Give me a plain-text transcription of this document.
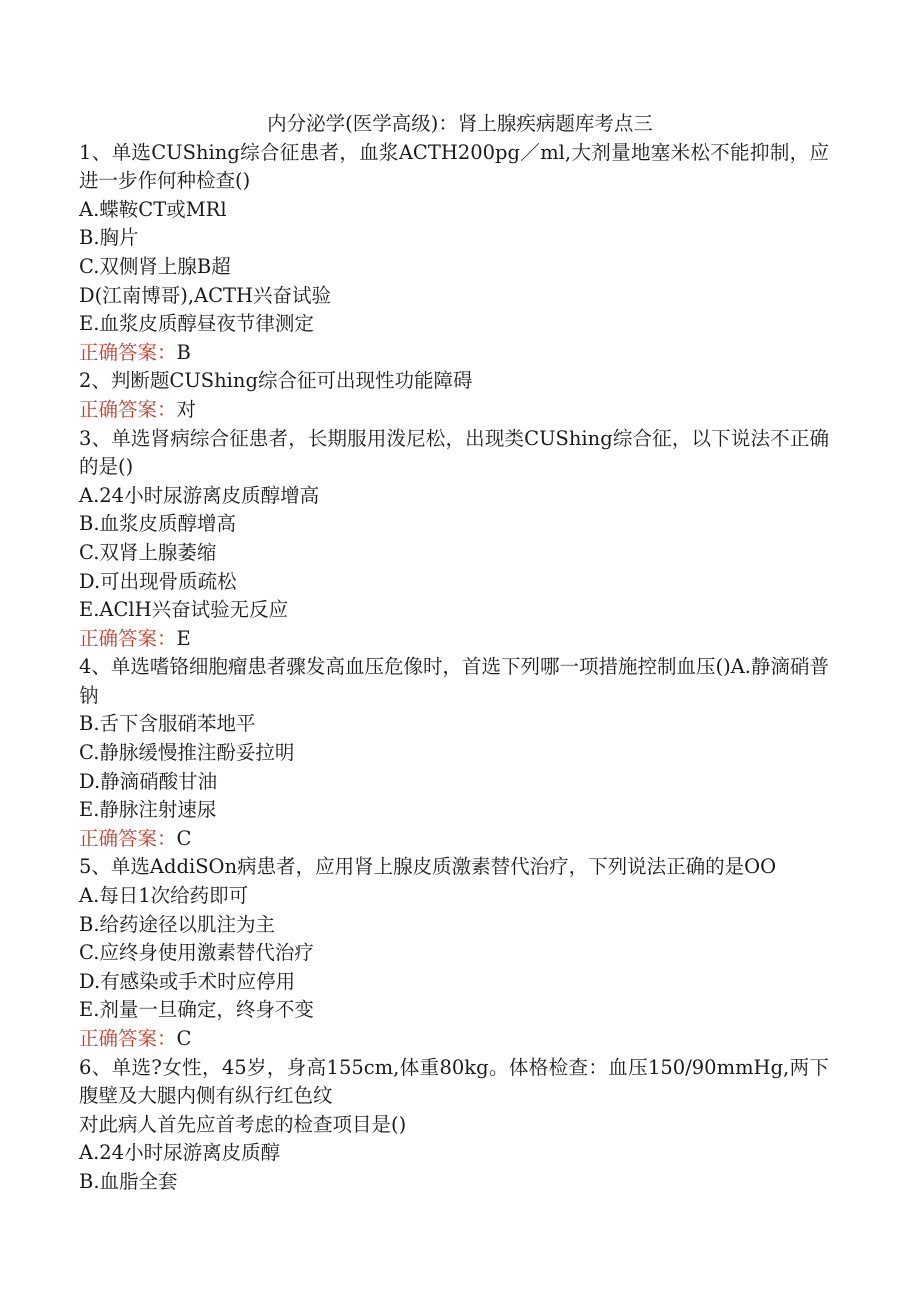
内分泌学(医学高级)：肾上腺疾病题库考点三

1、单选CUShing综合征患者，血浆ACTH200pg／ml,大剂量地塞米松不能抑制，应进一步作何种检查()

A.蝶鞍CT或MRl

B.胸片

C.双侧肾上腺B超

D(江南博哥),ACTH兴奋试验

E.血浆皮质醇昼夜节律测定

正确答案：B

2、判断题CUShing综合征可出现性功能障碍

正确答案：对

3、单选肾病综合征患者，长期服用泼尼松，出现类CUShing综合征，以下说法不正确的是()

A.24小时尿游离皮质醇增高

B.血浆皮质醇增高

C.双肾上腺萎缩

D.可出现骨质疏松

E.AClH兴奋试验无反应

正确答案：E

4、单选嗜铬细胞瘤患者骤发高血压危像时，首选下列哪一项措施控制血压()A.静滴硝普钠

B.舌下含服硝苯地平

C.静脉缓慢推注酚妥拉明

D.静滴硝酸甘油

E.静脉注射速尿

正确答案：C

5、单选AddiSOn病患者，应用肾上腺皮质激素替代治疗，下列说法正确的是OO

A.每日1次给药即可

B.给药途径以肌注为主

C.应终身使用激素替代治疗

D.有感染或手术时应停用

E.剂量一旦确定，终身不变

正确答案：C

6、单选?女性，45岁，身高155cm,体重80kg。体格检查：血压150/90mmHg,两下腹壁及大腿内侧有纵行红色纹

对此病人首先应首考虑的检查项目是()

A.24小时尿游离皮质醇

B.血脂全套
